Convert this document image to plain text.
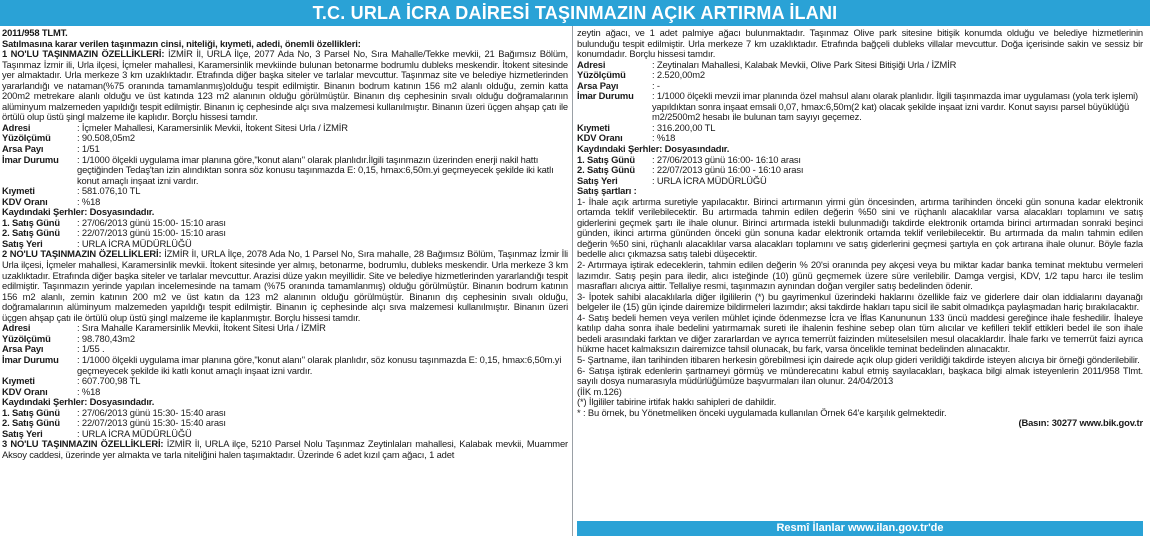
T.C. URLA İCRA DAİRESİ TAŞINMAZIN AÇIK ARTIRMA İLANI
2011/958 TLMT.
Satılmasına karar verilen taşınmazın cinsi, niteliği, kıymeti, adedi, önemli özellikleri:
1 NO'LU TAŞINMAZIN ÖZELLİKLERİ: İZMİR İl, URLA İlçe, 2077 Ada No, 3 Parsel No, Sıra Mahalle/Tekke mevkii, 21 Bağımsız Bölüm, Taşınmaz İzmir ili, Urla ilçesi, İçmeler mahallesi, Karamersinlik mevkiinde bulunan betonarme bodrumlu dubleks meskendir. İtokent sitesinde yer almaktadır. Urla merkeze 3 km uzaklıktadır. Etrafında diğer başka siteler ve tarlalar mevcuttur. Taşınmaz site ve belediye hizmetlerinden yararlandığı ve nataman(%75 oranında tamamlanmış)olduğu tespit edilmiştir. Binanın bodrum katının 156 m2 alanlı olduğu, zemin katta 200m2 metrekare alanlı olduğu ve üst katında 123 m2 alanının olduğu görülmüştür. Binanın dış cephesinin sıvalı olduğu doğramalarının alüminyum malzemeden yapıldığı tespit edilmiştir. Binanın iç cephesinde alçı sıva malzemesi kullanılmıştır. Binanın üzeri üçgen ahşap çatı ile örtülü olup üstü şingl malzeme ile kaplıdır. Borçlu hissesi tamdır.
Adresi	: İçmeler Mahallesi, Karamersinlik Mevkii, İtokent Sitesi Urla / İZMİR
Yüzölçümü	: 90.508,05m2
Arsa Payı	: 1/51
İmar Durumu	: 1/1000 ölçekli uygulama imar planına göre,"konut alanı" olarak planlıdır.İlgili taşınmazın üzerinden enerji nakil hattı geçtiğinden Tedaş'tan izin alındıktan sonra söz konusu taşınmazda E: 0,15, hmax:6,50m.yi geçmeyecek şekilde iki katlı konut amaçlı inşaat izni vardır.
Kıymeti	: 581.076,10 TL
KDV Oranı	: %18
Kaydındaki Şerhler: Dosyasındadır.
1. Satış Günü	: 27/06/2013 günü 15:00- 15:10 arası
2. Satış Günü	: 22/07/2013 günü 15:00- 15:10 arası
Satış Yeri	: URLA İCRA MÜDÜRLÜĞÜ
2 NO'LU TAŞINMAZIN ÖZELLİKLERİ: İZMİR İl, URLA İlçe, 2078 Ada No, 1 Parsel No, Sıra mahalle, 28 Bağımsız Bölüm, Taşınmaz İzmir İli Urla ilçesi, İçmeler mahallesi, Karamersinlik mevkii. İtokent sitesinde yer almış, betonarme, bodrumlu, dubleks meskendir. Urla merkeze 3 km uzaklıktadır. Etrafında diğer başka siteler ve tarlalar mevcuttur. Arazisi düze yakın meyillidir. Site ve belediye hizmetlerinden yararlandığı tespit edilmiştir. Taşınmazın yerinde yapılan incelemesinde na tamam (%75 oranında tamamlanmış) olduğu görülmüştür. Binanın bodrum katının 156 m2 alanlı, zemin katının 200 m2 ve üst katın da 123 m2 alanının olduğu görülmüştür. Binanın dış cephesinin sıvalı olduğu, doğramalarının alüminyum malzemeden yapıldığı tespit edilmiştir. Binanın iç cephesinde alçı sıva malzemesi kullanılmıştır. Binanın üzeri üçgen ahşap çatı ile örtülü olup üstü şingl malzeme ile kaplanmıştır. Borçlu hissesi tamdır.
Adresi	: Sıra Mahalle Karamersinlik Mevkii, İtokent Sitesi Urla / İZMİR
Yüzölçümü	: 98.780,43m2
Arsa Payı	: 1/55 .
İmar Durumu	: 1/1000 ölçekli uygulama imar planına göre,"konut alanı" olarak planlıdır, söz konusu taşınmazda E: 0,15, hmax:6,50m.yi geçmeyecek şekilde iki katlı konut amaçlı inşaat izni vardır.
Kıymeti	: 607.700,98 TL
KDV Oranı	: %18
Kaydındaki Şerhler: Dosyasındadır.
1. Satış Günü	: 27/06/2013 günü 15:30- 15:40 arası
2. Satış Günü	: 22/07/2013 günü 15:30- 15:40 arası
Satış Yeri	: URLA İCRA MÜDÜRLÜĞÜ
3 NO'LU TAŞINMAZIN ÖZELLİKLERİ: İZMİR İl, URLA ilçe, 5210 Parsel Nolu Taşınmaz Zeytinlaları mahallesi, Kalabak mevkii, Muammer Aksoy caddesi, üzerinde yer almakta ve tarla niteliğini halen taşımaktadır. Üzerinde 6 adet kızıl çam ağacı, 1 adet
zeytin ağacı, ve 1 adet palmiye ağacı bulunmaktadır. Taşınmaz Olive park sitesine bitişik konumda olduğu ve belediye hizmetlerinin bulunduğu tespit edilmiştir. Urla merkeze 7 km uzaklıktadır. Etrafında bağçeli dubleks villalar mevcuttur. Doğa içerisinde sakin ve sessiz bir konumdadır. Borçlu hissesi tamdır.
Adresi	: Zeytinaları Mahallesi, Kalabak Mevkii, Olive Park Sitesi Bitişiği Urla / İZMİR
Yüzölçümü	: 2.520,00m2
Arsa Payı	: -
İmar Durumu	: 1/1000 ölçekli mevzii imar planında özel mahsul alanı olarak planlıdır. İlgili taşınmazda imar uygulaması (yola terk işlemi) yapıldıktan sonra inşaat emsali 0,07, hmax:6,50m(2 kat) olacak şekilde inşaat izni vardır. Konut sayısı parsel büyüklüğü m2/2500m2 hesabı ile bulunan tam sayıyı geçemez.
Kıymeti	: 316.200,00 TL
KDV Oranı	: %18
Kaydındaki Şerhler: Dosyasındadır.
1. Satış Günü	: 27/06/2013 günü 16:00- 16:10 arası
2. Satış Günü	: 22/07/2013 günü 16:00 - 16:10 arası
Satış Yeri	: URLA İCRA MÜDÜRLÜĞÜ
Satış şartları :
1- İhale açık artırma suretiyle yapılacaktır. Birinci artırmanın yirmi gün öncesinden, artırma tarihinden önceki gün sonuna kadar elektronik ortamda teklif verilebilecektir. Bu artırmada tahmin edilen değerin %50 sini ve rüçhanlı alacaklılar varsa alacakları toplamını ve satış giderlerini geçmek şartı ile ihale olunur. Birinci artırmada istekli bulunmadığı takdirde elektronik ortamda birinci artırmadan sonraki beşinci günden, ikinci artırma gününden önceki gün sonuna kadar elektronik ortamda teklif verilebilecektir. Bu artırmada da malın tahmin edilen değerin %50 sini, rüçhanlı alacaklılar varsa alacakları toplamını ve satış giderlerini geçmesi şartıyla en çok artırana ihale olunur. Böyle fazla bedelle alıcı çıkmazsa satış talebi düşecektir.
2- Artırmaya iştirak edeceklerin, tahmin edilen değerin % 20'si oranında pey akçesi veya bu miktar kadar banka teminat mektubu vermeleri lazımdır. Satış peşin para iledir, alıcı isteğinde (10) günü geçmemek üzere süre verilebilir. Damga vergisi, KDV, 1/2 tapu harcı ile teslim masrafları alıcıya aittir. Tellaliye resmi, taşınmazın aynından doğan vergiler satış bedelinden ödenir.
3- İpotek sahibi alacaklılarla diğer ilgililerin (*) bu gayrimenkul üzerindeki haklarını özellikle faiz ve giderlere dair olan iddialarını dayanağı belgeler ile (15) gün içinde dairemize bildirmeleri lazımdır; aksi takdirde hakları tapu sicil ile sabit olmadıkça paylaşmadan hariç bırakılacaktır.
4- Satış bedeli hemen veya verilen mühlet içinde ödenmezse İcra ve İflas Kanununun 133 üncü maddesi gereğince ihale feshedilir. İhaleye katılıp daha sonra ihale bedelini yatırmamak sureti ile ihalenin feshine sebep olan tüm alıcılar ve kefilleri teklif ettikleri bedel ile son ihale bedeli arasındaki farktan ve diğer zararlardan ve ayrıca temerrüt faizinden müteselsilen mesul olacaklardır. İhale farkı ve temerrüt faizi ayrıca hükme hacet kalmaksızın dairemizce tahsil olunacak, bu fark, varsa öncelikle teminat bedelinden alınacaktır.
5- Şartname, ilan tarihinden itibaren herkesin görebilmesi için dairede açık olup gideri verildiği takdirde isteyen alıcıya bir örneği gönderilebilir.
6- Satışa iştirak edenlerin şartnameyi görmüş ve münderecatını kabul etmiş sayılacakları, başkaca bilgi almak isteyenlerin 2011/958 Tlmt. sayılı dosya numarasıyla müdürlüğümüze başvurmaları ilan olunur. 24/04/2013
(İİK m.126)
(*) İlgililer tabirine irtifak hakkı sahipleri de dahildir.
* : Bu örnek, bu Yönetmeliken önceki uygulamada kullanılan Örnek 64'e karşılık gelmektedir.
(Basın: 30277 www.bik.gov.tr
Resmî İlanlar www.ilan.gov.tr'de
